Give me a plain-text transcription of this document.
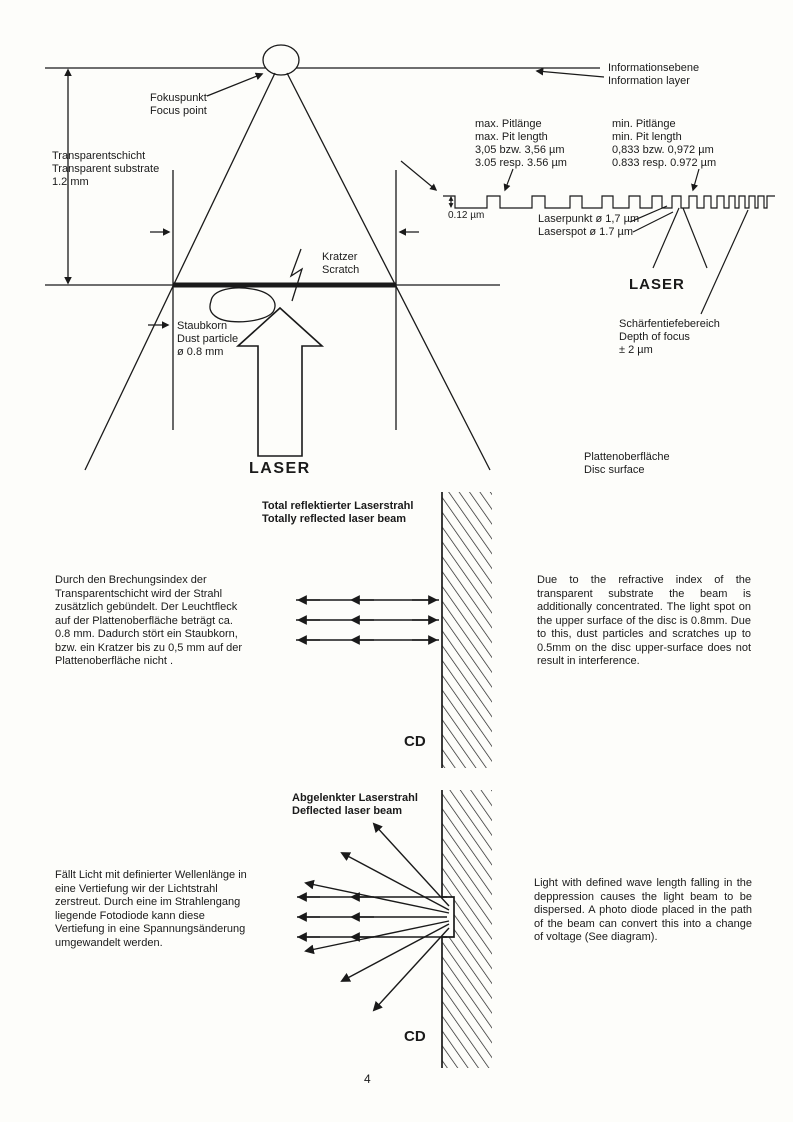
Fokuspunkt
Focus point
Informationsebene
Information layer
Transparentschicht
Transparent substrate
1.2 mm
max. Pitlänge
max. Pit length
3,05 bzw. 3,56 µm
3.05 resp. 3.56 µm
min. Pitlänge
min. Pit length
0,833 bzw. 0,972 µm
0.833 resp. 0.972 µm
0.12 µm	Laserpunkt ø 1,7 µm
Laserspot ø 1.7 µm
LASER
Schärfentiefebereich
Depth of focus
± 2 µm
Kratzer
Scratch
Staubkorn
Dust particle
ø 0.8 mm
LASER
Plattenoberfläche
Disc surface
Total reflektierter Laserstrahl
Totally reflected laser beam
Durch den Brechungsindex der Transparentschicht wird der Strahl zusätzlich gebündelt. Der Leuchtfleck auf der Plattenoberfläche beträgt ca. 0.8 mm. Dadurch stört ein Staubkorn, bzw. ein Kratzer bis zu 0,5 mm auf der Plattenoberfläche nicht .
Due to the refractive index of the transparent substrate the beam is additionally concentrated. The light spot on the upper surface of the disc is 0.8mm. Due to this, dust particles and scratches up to 0.5mm on the disc upper-surface does not result in interference.
CD
Abgelenkter Laserstrahl
Deflected laser beam
Fällt Licht mit definierter Wellenlänge in eine Vertiefung wir der Lichtstrahl zerstreut. Durch eine im Strahlengang liegende Fotodiode kann diese Vertiefung in eine Spannungsänderung umgewandelt werden.
Light with defined wave length falling in the deppression causes the light beam to be dispersed. A photo diode placed in the path of the beam can convert this into a change of voltage (See diagram).
CD
4
